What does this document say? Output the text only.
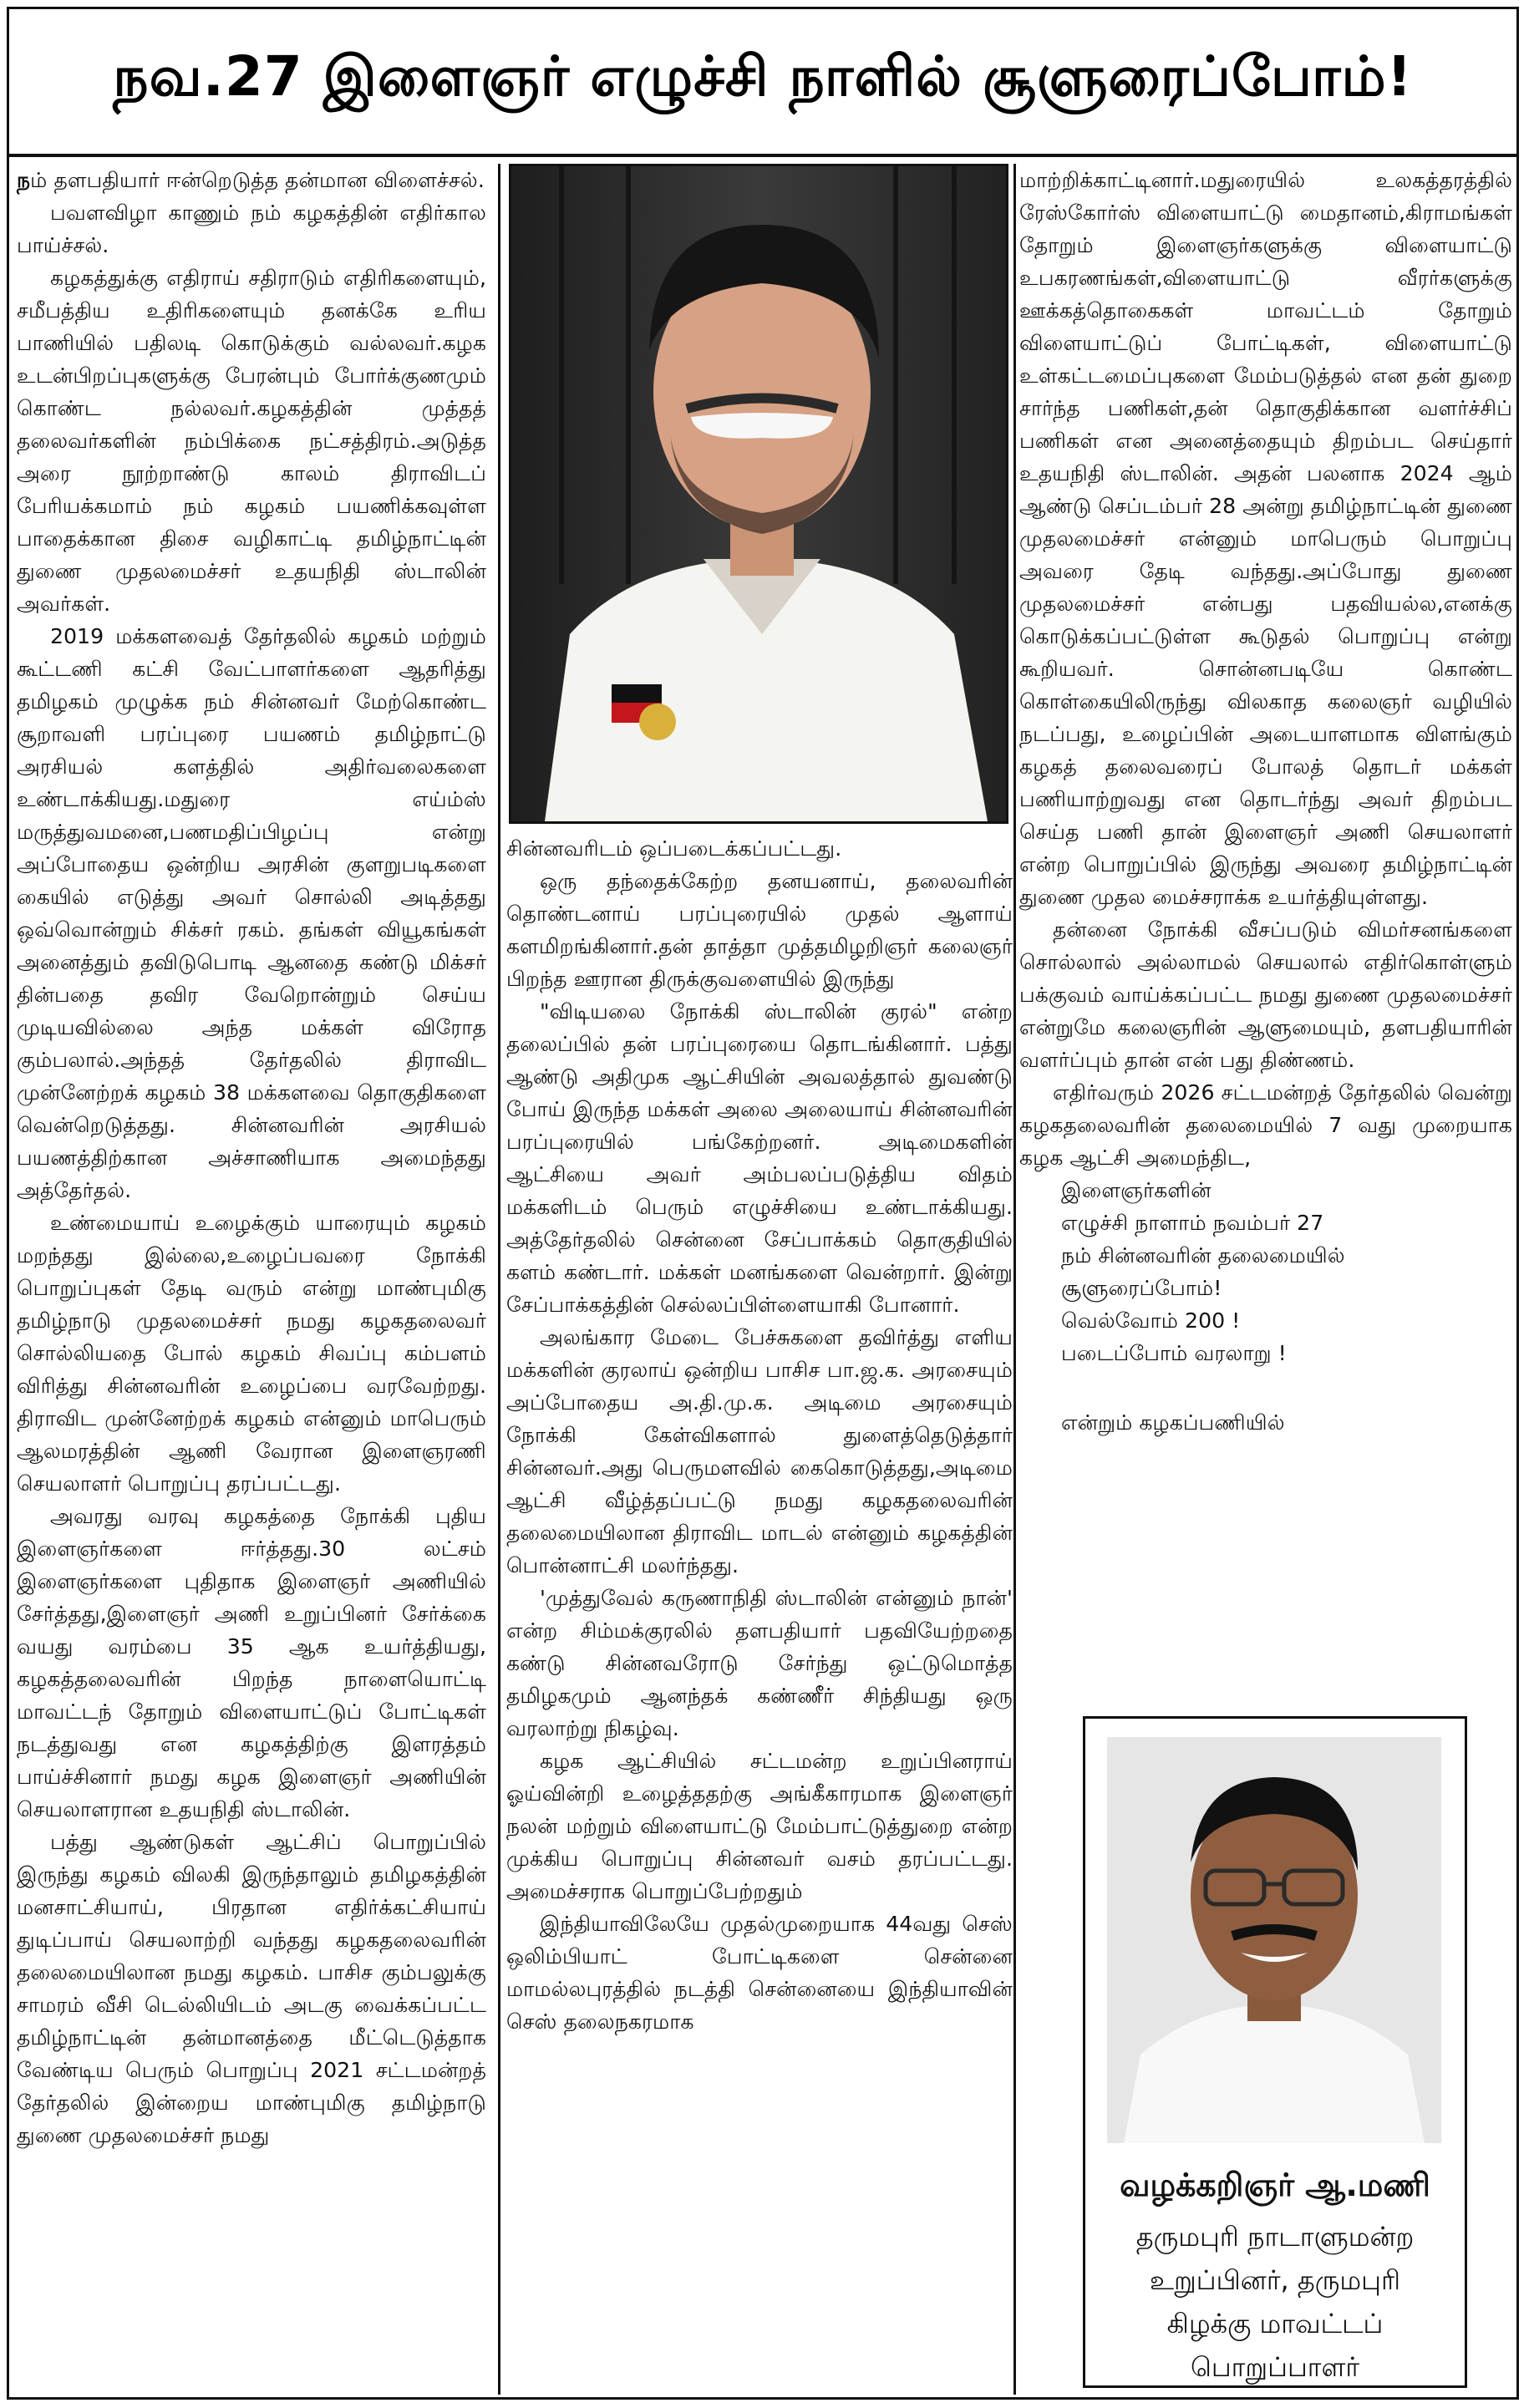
நவ.27 இளைஞர் எழுச்சி நாளில் சூளுரைப்போம்!

நம் தளபதியார் ஈன்றெடுத்த தன்மான விளைச்சல்.

பவளவிழா காணும் நம் கழகத்தின் எதிர்கால பாய்ச்சல்.

கழகத்துக்கு எதிராய் சதிராடும் எதிரிகளையும், சமீபத்திய உதிரிகளையும் தனக்கே உரிய பாணியில் பதிலடி கொடுக்கும் வல்லவர்.கழக உடன்பிறப்புகளுக்கு பேரன்பும் போர்க்குணமும் கொண்ட நல்லவர்.கழகத்தின் முத்தத் தலைவர்களின் நம்பிக்கை நட்சத்திரம்.அடுத்த அரை நூற்றாண்டு காலம் திராவிடப் பேரியக்கமாம் நம் கழகம் பயணிக்கவுள்ள பாதைக்கான திசை வழிகாட்டி தமிழ்நாட்டின் துணை முதலமைச்சர் உதயநிதி ஸ்டாலின் அவர்கள்.

2019 மக்களவைத் தேர்தலில் கழகம் மற்றும் கூட்டணி கட்சி வேட்பாளர்களை ஆதரித்து தமிழகம் முழுக்க நம் சின்னவர் மேற்கொண்ட சூறாவளி பரப்புரை பயணம் தமிழ்நாட்டு அரசியல் களத்தில் அதிர்வலைகளை உண்டாக்கியது.மதுரை எய்ம்ஸ் மருத்துவமனை,பணமதிப்பிழப்பு என்று அப்போதைய ஒன்றிய அரசின் குளறுபடிகளை கையில் எடுத்து அவர் சொல்லி அடித்தது ஒவ்வொன்றும் சிக்சர் ரகம். தங்கள் வியூகங்கள் அனைத்தும் தவிடுபொடி ஆனதை கண்டு மிக்சர் தின்பதை தவிர வேறொன்றும் செய்ய முடியவில்லை அந்த மக்கள் விரோத கும்பலால்.அந்தத் தேர்தலில் திராவிட முன்னேற்றக் கழகம் 38 மக்களவை தொகுதிகளை வென்றெடுத்தது. சின்னவரின் அரசியல் பயணத்திற்கான அச்சாணியாக அமைந்தது அத்தேர்தல்.

உண்மையாய் உழைக்கும் யாரையும் கழகம் மறந்தது இல்லை,உழைப்பவரை நோக்கி பொறுப்புகள் தேடி வரும் என்று மாண்புமிகு தமிழ்நாடு முதலமைச்சர் நமது கழகதலைவர் சொல்லியதை போல் கழகம் சிவப்பு கம்பளம் விரித்து சின்னவரின் உழைப்பை வரவேற்றது. திராவிட முன்னேற்றக் கழகம் என்னும் மாபெரும் ஆலமரத்தின் ஆணி வேரான இளைஞரணி செயலாளர் பொறுப்பு தரப்பட்டது.

அவரது வரவு கழகத்தை நோக்கி புதிய இளைஞர்களை ஈர்த்தது.30 லட்சம் இளைஞர்களை புதிதாக இளைஞர் அணியில் சேர்த்தது,இளைஞர் அணி உறுப்பினர் சேர்க்கை வயது வரம்பை 35 ஆக உயர்த்தியது, கழகத்தலைவரின் பிறந்த நாளையொட்டி மாவட்டந் தோறும் விளையாட்டுப் போட்டிகள் நடத்துவது என கழகத்திற்கு இளரத்தம் பாய்ச்சினார் நமது கழக இளைஞர் அணியின் செயலாளரான உதயநிதி ஸ்டாலின்.

பத்து ஆண்டுகள் ஆட்சிப் பொறுப்பில் இருந்து கழகம் விலகி இருந்தாலும் தமிழகத்தின் மனசாட்சியாய், பிரதான எதிர்க்கட்சியாய் துடிப்பாய் செயலாற்றி வந்தது கழகதலைவரின் தலைமையிலான நமது கழகம். பாசிச கும்பலுக்கு சாமரம் வீசி டெல்லியிடம் அடகு வைக்கப்பட்ட தமிழ்நாட்டின் தன்மானத்தை மீட்டெடுத்தாக வேண்டிய பெரும் பொறுப்பு 2021 சட்டமன்றத் தேர்தலில் இன்றைய மாண்புமிகு தமிழ்நாடு துணை முதலமைச்சர் நமது

சின்னவரிடம் ஒப்படைக்கப்பட்டது.

ஒரு தந்தைக்கேற்ற தனயனாய், தலைவரின் தொண்டனாய் பரப்புரையில் முதல் ஆளாய் களமிறங்கினார்.தன் தாத்தா முத்தமிழறிஞர் கலைஞர் பிறந்த ஊரான திருக்குவளையில் இருந்து

"விடியலை நோக்கி ஸ்டாலின் குரல்" என்ற தலைப்பில் தன் பரப்புரையை தொடங்கினார். பத்து ஆண்டு அதிமுக ஆட்சியின் அவலத்தால் துவண்டு போய் இருந்த மக்கள் அலை அலையாய் சின்னவரின் பரப்புரையில் பங்கேற்றனர். அடிமைகளின் ஆட்சியை அவர் அம்பலப்படுத்திய விதம் மக்களிடம் பெரும் எழுச்சியை உண்டாக்கியது. அத்தேர்தலில் சென்னை சேப்பாக்கம் தொகுதியில் களம் கண்டார். மக்கள் மனங்களை வென்றார். இன்று சேப்பாக்கத்தின் செல்லப்பிள்ளையாகி போனார்.

அலங்கார மேடை பேச்சுகளை தவிர்த்து எளிய மக்களின் குரலாய் ஒன்றிய பாசிச பா.ஜ.க. அரசையும் அப்போதைய அ.தி.மு.க. அடிமை அரசையும் நோக்கி கேள்விகளால் துளைத்தெடுத்தார் சின்னவர்.அது பெருமளவில் கைகொடுத்தது,அடிமை ஆட்சி வீழ்த்தப்பட்டு நமது கழகதலைவரின் தலைமையிலான திராவிட மாடல் என்னும் கழகத்தின் பொன்னாட்சி மலர்ந்தது.

'முத்துவேல் கருணாநிதி ஸ்டாலின் என்னும் நான்' என்ற சிம்மக்குரலில் தளபதியார் பதவியேற்றதை கண்டு சின்னவரோடு சேர்ந்து ஒட்டுமொத்த தமிழகமும் ஆனந்தக் கண்ணீர் சிந்தியது ஒரு வரலாற்று நிகழ்வு.

கழக ஆட்சியில் சட்டமன்ற உறுப்பினராய் ஓய்வின்றி உழைத்ததற்கு அங்கீகாரமாக இளைஞர் நலன் மற்றும் விளையாட்டு மேம்பாட்டுத்துறை என்ற முக்கிய பொறுப்பு சின்னவர் வசம் தரப்பட்டது. அமைச்சராக பொறுப்பேற்றதும்

இந்தியாவிலேயே முதல்முறையாக 44வது செஸ் ஒலிம்பியாட் போட்டிகளை சென்னை மாமல்லபுரத்தில் நடத்தி சென்னையை இந்தியாவின் செஸ் தலைநகரமாக

மாற்றிக்காட்டினார்.மதுரையில் உலகத்தரத்தில் ரேஸ்கோர்ஸ் விளையாட்டு மைதானம்,கிராமங்கள் தோறும் இளைஞர்களுக்கு விளையாட்டு உபகரணங்கள்,விளையாட்டு வீரர்களுக்கு ஊக்கத்தொகைகள் மாவட்டம் தோறும் விளையாட்டுப் போட்டிகள், விளையாட்டு உள்கட்டமைப்புகளை மேம்படுத்தல் என தன் துறை சார்ந்த பணிகள்,தன் தொகுதிக்கான வளர்ச்சிப் பணிகள் என அனைத்தையும் திறம்பட செய்தார் உதயநிதி ஸ்டாலின். அதன் பலனாக 2024 ஆம் ஆண்டு செப்டம்பர் 28 அன்று தமிழ்நாட்டின் துணை முதலமைச்சர் என்னும் மாபெரும் பொறுப்பு அவரை தேடி வந்தது.அப்போது துணை முதலமைச்சர் என்பது பதவியல்ல,எனக்கு கொடுக்கப்பட்டுள்ள கூடுதல் பொறுப்பு என்று கூறியவர். சொன்னபடியே கொண்ட கொள்கையிலிருந்து விலகாத கலைஞர் வழியில் நடப்பது, உழைப்பின் அடையாளமாக விளங்கும் கழகத் தலைவரைப் போலத் தொடர் மக்கள் பணியாற்றுவது என தொடர்ந்து அவர் திறம்பட செய்த பணி தான் இளைஞர் அணி செயலாளர் என்ற பொறுப்பில் இருந்து அவரை தமிழ்நாட்டின் துணை முதல மைச்சராக்க உயர்த்தியுள்ளது.

தன்னை நோக்கி வீசப்படும் விமர்சனங்களை சொல்லால் அல்லாமல் செயலால் எதிர்கொள்ளும் பக்குவம் வாய்க்கப்பட்ட நமது துணை முதலமைச்சர் என்றுமே கலைஞரின் ஆளுமையும், தளபதியாரின் வளர்ப்பும் தான் என் பது திண்ணம்.

எதிர்வரும் 2026 சட்டமன்றத் தேர்தலில் வென்று கழகதலைவரின் தலைமையில் 7 வது முறையாக கழக ஆட்சி அமைந்திட,

இளைஞர்களின்

எழுச்சி நாளாம் நவம்பர் 27

நம் சின்னவரின் தலைமையில்

சூளுரைப்போம்!

வெல்வோம் 200 !

படைப்போம் வரலாறு !

என்றும் கழகப்பணியில்

வழக்கறிஞர் ஆ.மணி
தருமபுரி நாடாளுமன்ற
உறுப்பினர், தருமபுரி
கிழக்கு மாவட்டப்
பொறுப்பாளர்
